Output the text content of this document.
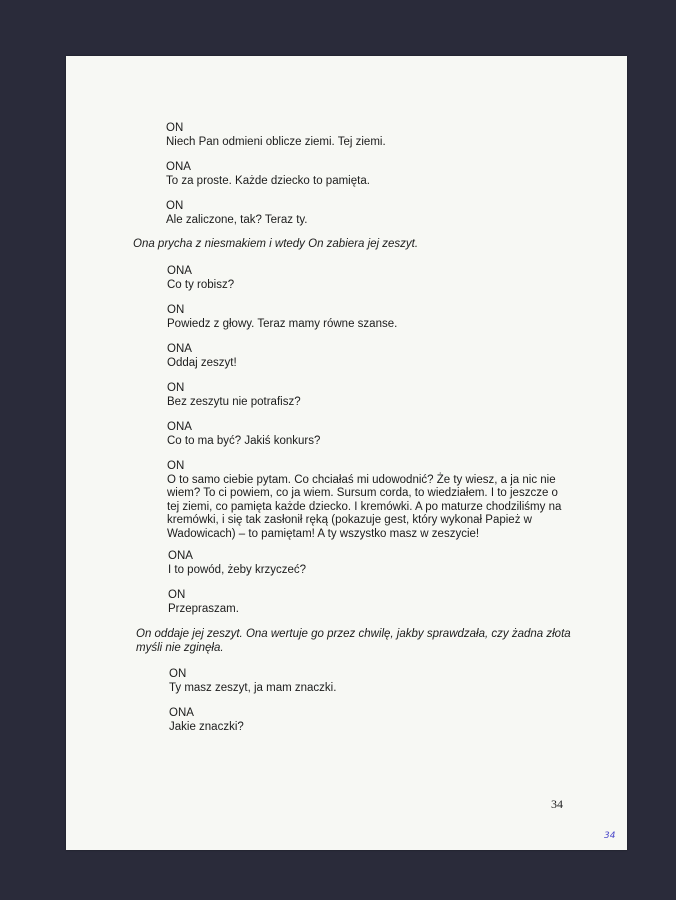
ON
Niech Pan odmieni oblicze ziemi. Tej ziemi.
ONA
To za proste. Każde dziecko to pamięta.
ON
Ale zaliczone, tak? Teraz ty.
Ona prycha z niesmakiem i wtedy On zabiera jej zeszyt.
ONA
Co ty robisz?
ON
Powiedz z głowy. Teraz mamy równe szanse.
ONA
Oddaj zeszyt!
ON
Bez zeszytu nie potrafisz?
ONA
Co to ma być? Jakiś konkurs?
ON
O to samo ciebie pytam. Co chciałaś mi udowodnić? Że ty wiesz, a ja nic nie
wiem? To ci powiem, co ja wiem. Sursum corda, to wiedziałem. I to jeszcze o
tej ziemi, co pamięta każde dziecko. I kremówki. A po maturze chodziliśmy na
kremówki, i się tak zasłonił ręką (pokazuje gest, który wykonał Papież w
Wadowicach) – to pamiętam! A ty wszystko masz w zeszycie!
ONA
I to powód, żeby krzyczeć?
ON
Przepraszam.
On oddaje jej zeszyt. Ona wertuje go przez chwilę, jakby sprawdzała, czy żadna złota
myśli nie zginęła.
ON
Ty masz zeszyt, ja mam znaczki.
ONA
Jakie znaczki?
34
34
